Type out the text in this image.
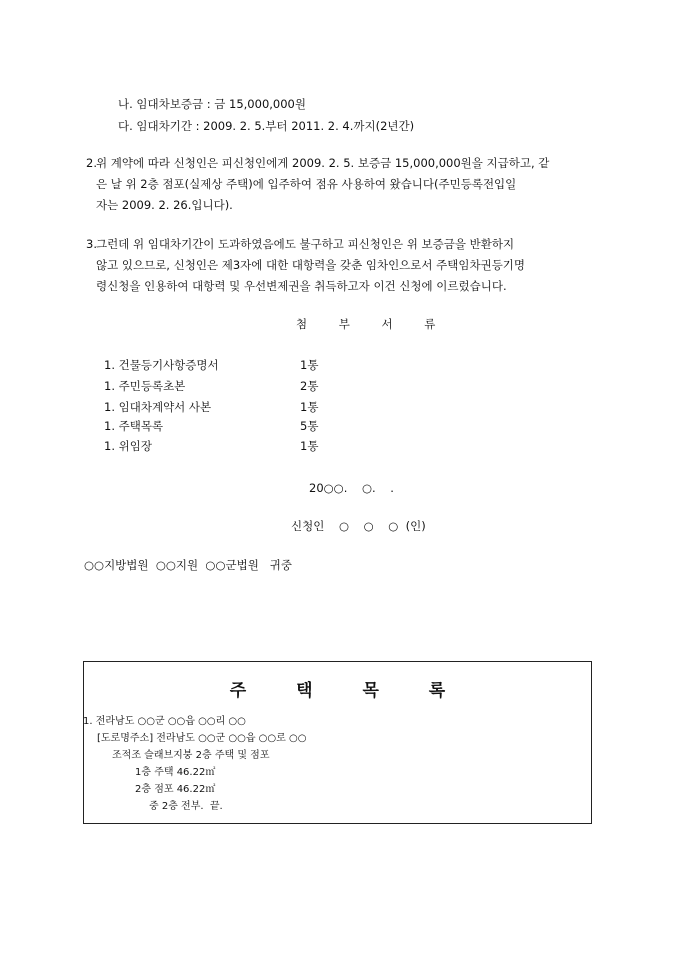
나. 임대차보증금 : 금 15,000,000원
다. 임대차기간 : 2009. 2. 5.부터 2011. 2. 4.까지(2년간)
2. 위 계약에 따라 신청인은 피신청인에게 2009. 2. 5. 보증금 15,000,000원을 지급하고, 같
은 날 위 2층 점포(실제상 주택)에 입주하여 점유 사용하여 왔습니다(주민등록전입일
자는 2009. 2. 26.입니다).
3. 그런데 위 임대차기간이 도과하였음에도 불구하고 피신청인은 위 보증금을 반환하지
않고 있으므로, 신청인은 제3자에 대한 대항력을 갖춘 임차인으로서 주택임차권등기명
령신청을 인용하여 대항력 및 우선변제권을 취득하고자 이건 신청에 이르렀습니다.
첨 부 서 류
1. 건물등기사항증명서	1통
1. 주민등록초본	2통
1. 임대차계약서 사본	1통
1. 주택목록	5통
1. 위임장	1통
20○○.    ○.    .
신청인    ○    ○    ○  (인)
○○지방법원  ○○지원  ○○군법원   귀중
주 택 목 록
1. 전라남도 ○○군 ○○읍 ○○리 ○○
[도로명주소] 전라남도 ○○군 ○○읍 ○○로 ○○
조적조 슬래브지붕 2층 주택 및 점포
1층 주택 46.22㎡
2층 점포 46.22㎡
중 2층 전부.  끝.
